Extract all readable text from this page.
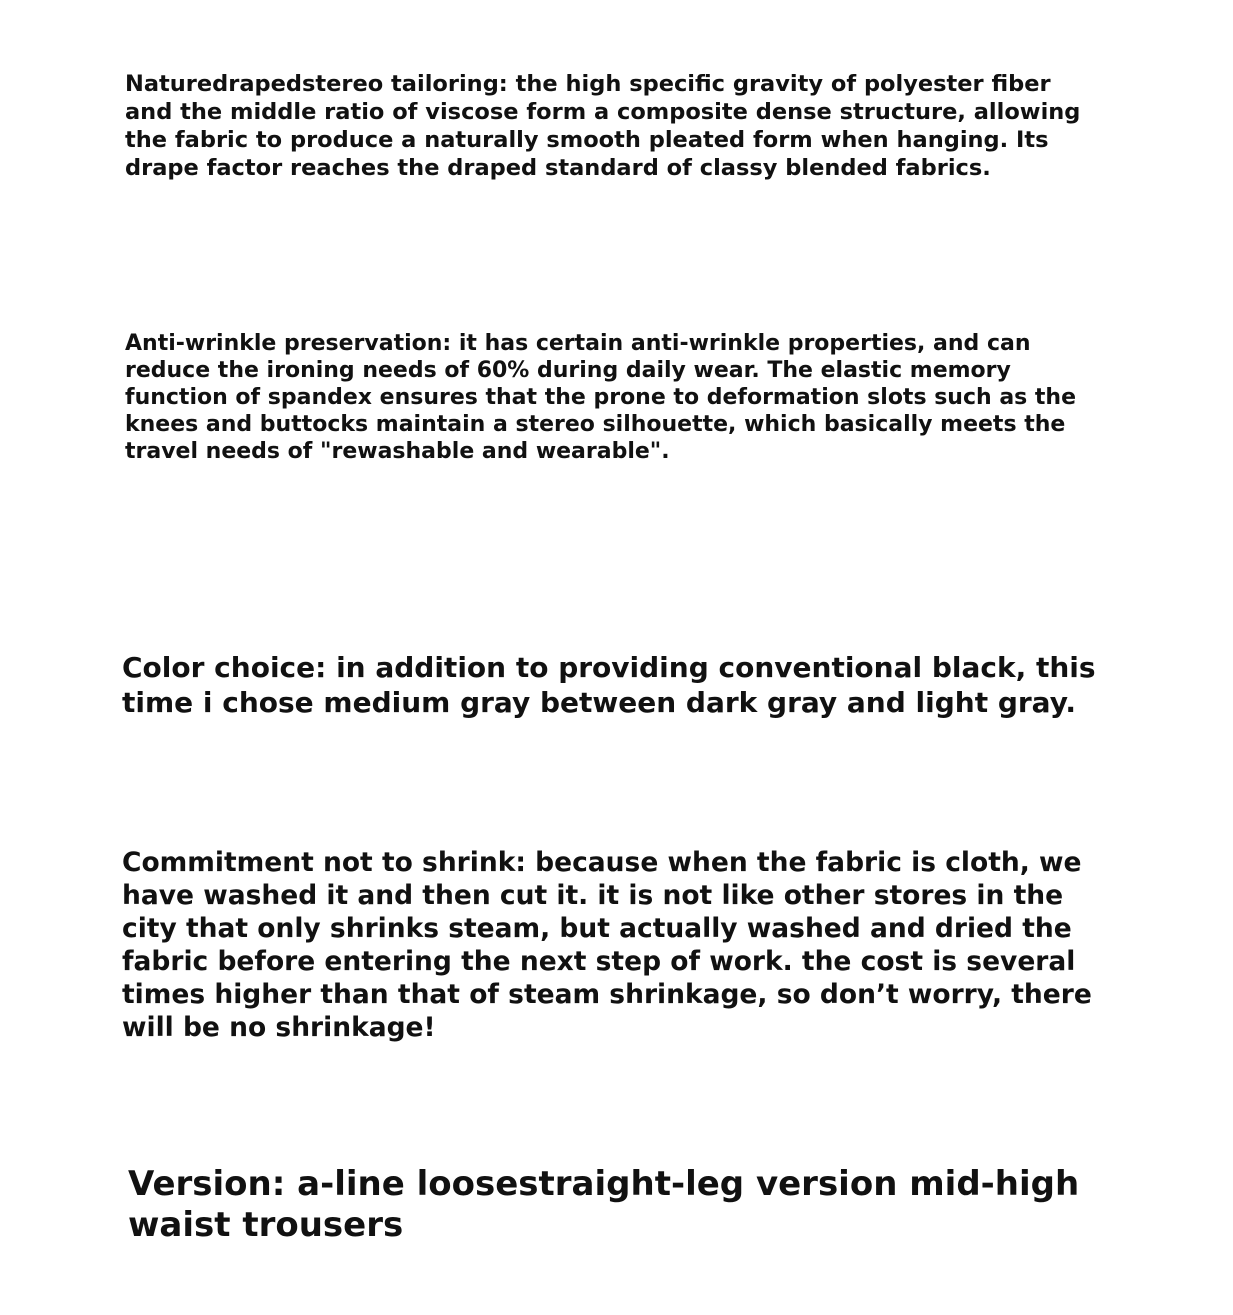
Naturedrapedstereo tailoring: the high specific gravity of polyester fiber and the middle ratio of viscose form a composite dense structure, allowing the fabric to produce a naturally smooth pleated form when hanging. Its drape factor reaches the draped standard of classy blended fabrics.

Anti-wrinkle preservation: it has certain anti-wrinkle properties, and can reduce the ironing needs of 60% during daily wear. The elastic memory function of spandex ensures that the prone to deformation slots such as the knees and buttocks maintain a stereo silhouette, which basically meets the travel needs of "rewashable and wearable".

Color choice: in addition to providing conventional black, this time i chose medium gray between dark gray and light gray.

Commitment not to shrink: because when the fabric is cloth, we have washed it and then cut it. it is not like other stores in the city that only shrinks steam, but actually washed and dried the fabric before entering the next step of work. the cost is several times higher than that of steam shrinkage, so don’t worry, there will be no shrinkage!

Version: a-line loosestraight-leg version mid-high waist trousers
